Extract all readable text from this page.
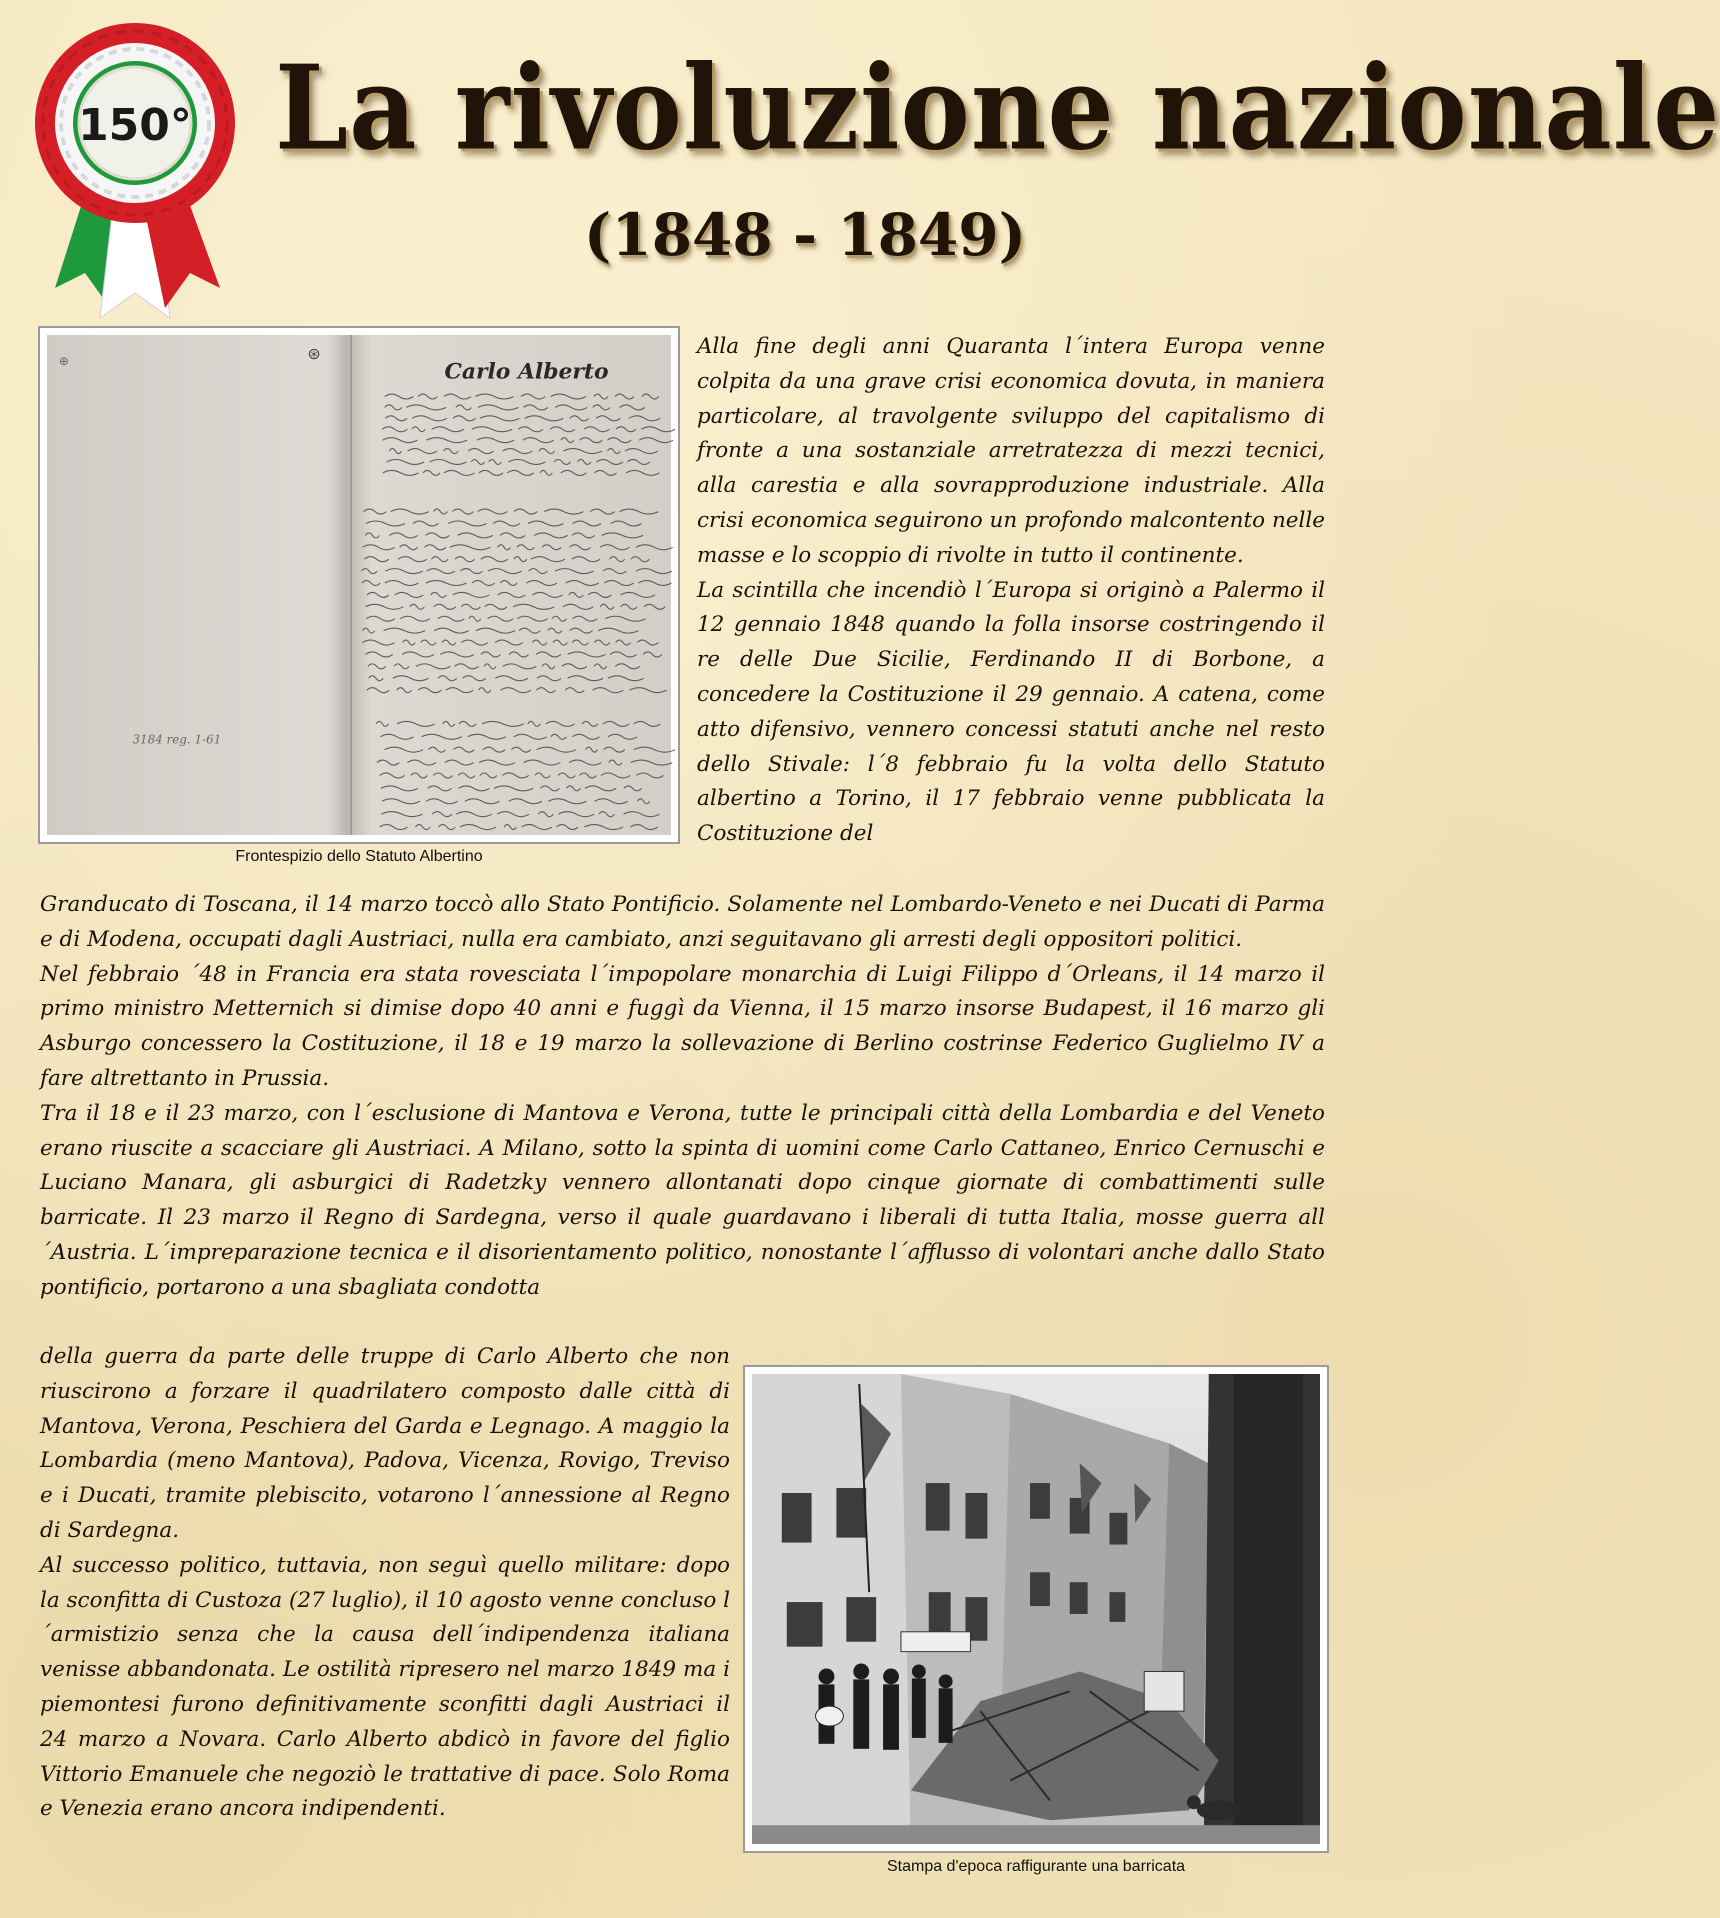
150° La rivoluzione nazionale
(1848 - 1849)
⊕
3184 reg. 1-61
⊛
Carlo Alberto
Frontespizio dello Statuto Albertino
Stampa d'epoca raffigurante una barricata
Alla fine degli anni Quaranta l´intera Europa venne colpita da una grave crisi economica dovuta, in maniera particolare, al travolgente sviluppo del capitalismo di fronte a una sostanziale arretratezza di mezzi tecnici, alla carestia e alla sovrapproduzione industriale. Alla crisi economica seguirono un profondo malcontento nelle masse e lo scoppio di rivolte in tutto il continente.
La scintilla che incendiò l´Europa si originò a Palermo il 12 gennaio 1848 quando la folla insorse costringendo il re delle Due Sicilie, Ferdinando II di Borbone, a concedere la Costituzione il 29 gennaio. A catena, come atto difensivo, vennero concessi statuti anche nel resto dello Stivale: l´8 febbraio fu la volta dello Statuto albertino a Torino, il 17 febbraio venne pubblicata la Costituzione del
Granducato di Toscana, il 14 marzo toccò allo Stato Pontificio. Solamente nel Lombardo-Veneto e nei Ducati di Parma e di Modena, occupati dagli Austriaci, nulla era cambiato, anzi seguitavano gli arresti degli oppositori politici.
Nel febbraio ´48 in Francia era stata rovesciata l´impopolare monarchia di Luigi Filippo d´Orleans, il 14 marzo il primo ministro Metternich si dimise dopo 40 anni e fuggì da Vienna, il 15 marzo insorse Budapest, il 16 marzo gli Asburgo concessero la Costituzione, il 18 e 19 marzo la sollevazione di Berlino costrinse Federico Guglielmo IV a fare altrettanto in Prussia.
Tra il 18 e il 23 marzo, con l´esclusione di Mantova e Verona, tutte le principali città della Lombardia e del Veneto erano riuscite a scacciare gli Austriaci. A Milano, sotto la spinta di uomini come Carlo Cattaneo, Enrico Cernuschi e Luciano Manara, gli asburgici di Radetzky vennero allontanati dopo cinque giornate di combattimenti sulle barricate. Il 23 marzo il Regno di Sardegna, verso il quale guardavano i liberali di tutta Italia, mosse guerra all´Austria. L´impreparazione tecnica e il disorientamento politico, nonostante l´afflusso di volontari anche dallo Stato pontificio, portarono a una sbagliata condotta
della guerra da parte delle truppe di Carlo Alberto che non riuscirono a forzare il quadrilatero composto dalle città di Mantova, Verona, Peschiera del Garda e Legnago. A maggio la Lombardia (meno Mantova), Padova, Vicenza, Rovigo, Treviso e i Ducati, tramite plebiscito, votarono l´annessione al Regno di Sardegna.
Al successo politico, tuttavia, non seguì quello militare: dopo la sconfitta di Custoza (27 luglio), il 10 agosto venne concluso l´armistizio senza che la causa dell´indipendenza italiana venisse abbandonata. Le ostilità ripresero nel marzo 1849 ma i piemontesi furono definitivamente sconfitti dagli Austriaci il 24 marzo a Novara. Carlo Alberto abdicò in favore del figlio Vittorio Emanuele che negoziò le trattative di pace. Solo Roma e Venezia erano ancora indipendenti.
